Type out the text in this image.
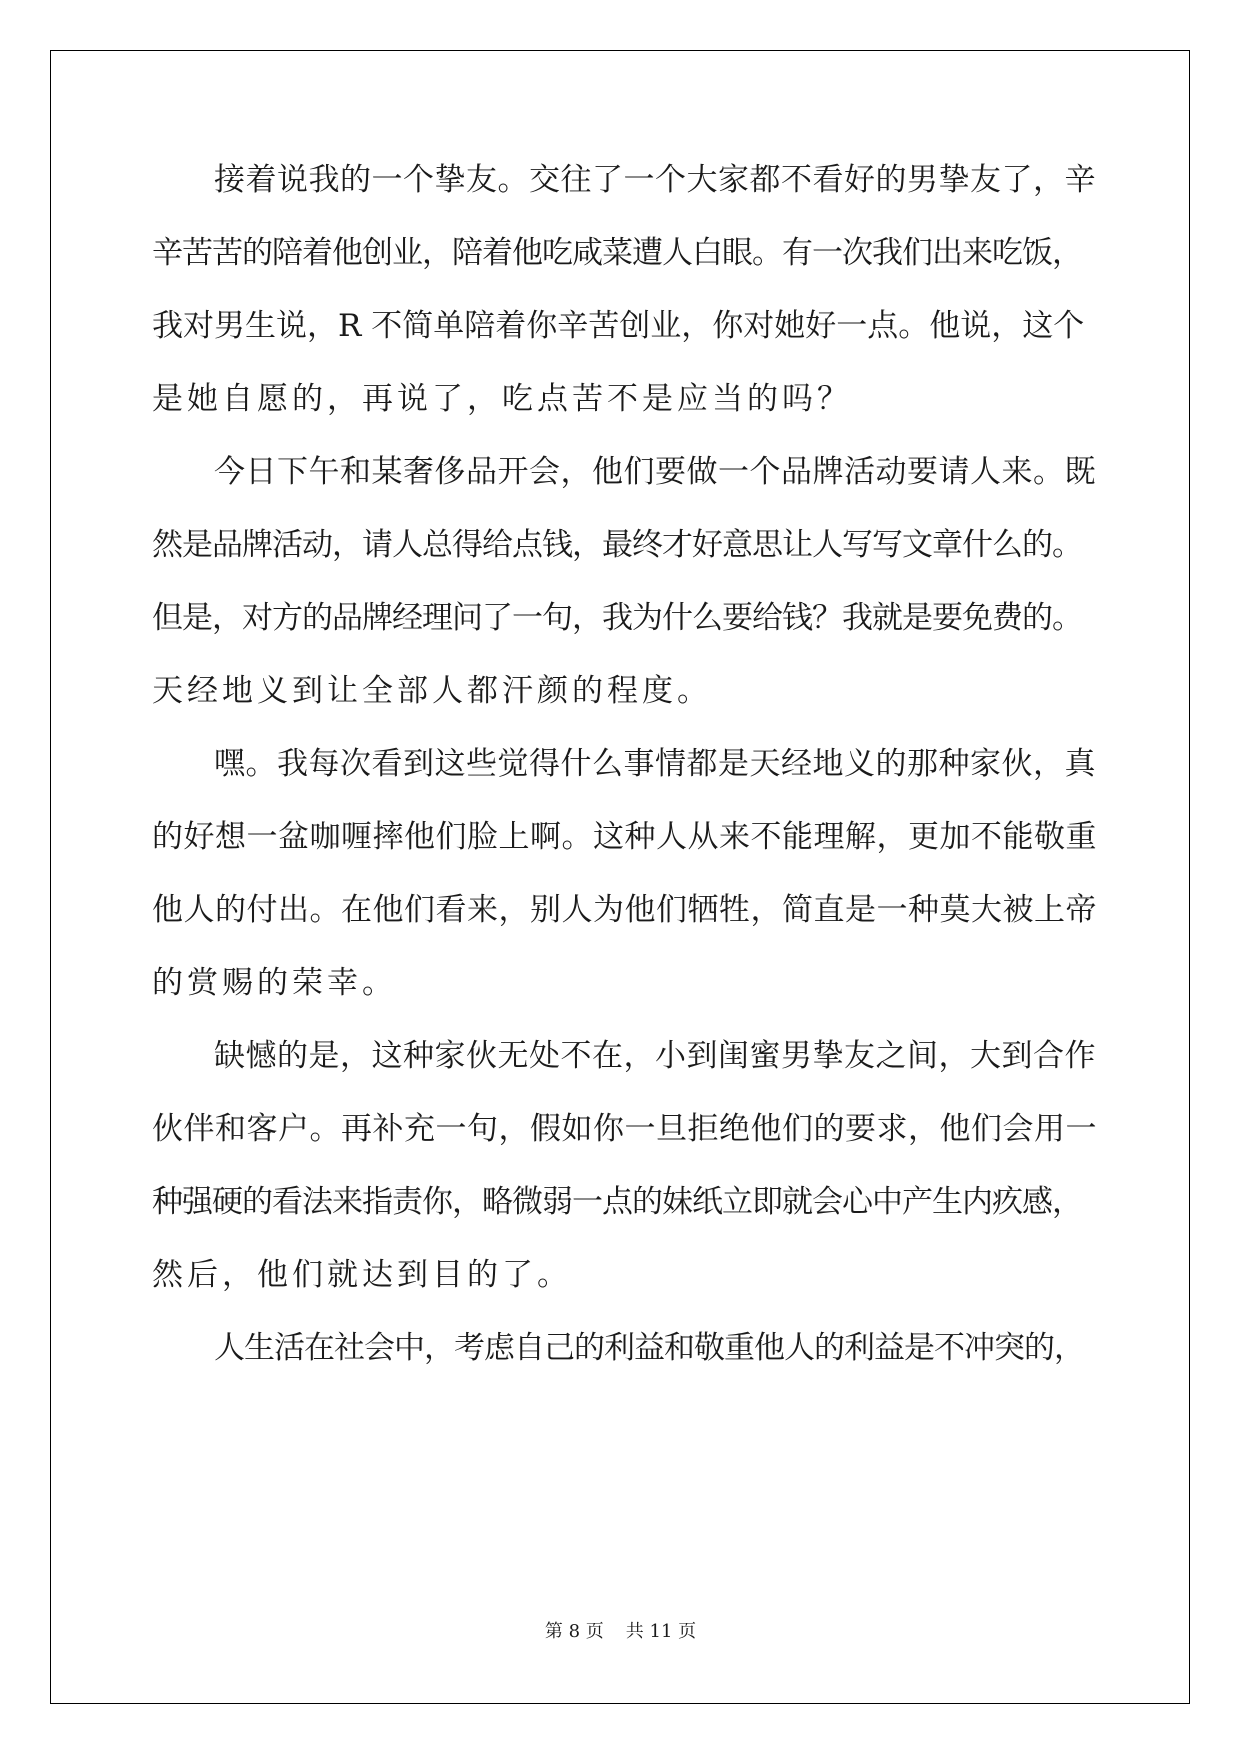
接着说我的一个挚友。交往了一个大家都不看好的男挚友了，辛
辛苦苦的陪着他创业，陪着他吃咸菜遭人白眼。有一次我们出来吃饭，
我对男生说，R 不简单陪着你辛苦创业，你对她好一点。他说，这个
是她自愿的，再说了，吃点苦不是应当的吗？
今日下午和某奢侈品开会，他们要做一个品牌活动要请人来。既
然是品牌活动，请人总得给点钱，最终才好意思让人写写文章什么的。
但是，对方的品牌经理问了一句，我为什么要给钱？我就是要免费的。
天经地义到让全部人都汗颜的程度。
嘿。我每次看到这些觉得什么事情都是天经地义的那种家伙，真
的好想一盆咖喱摔他们脸上啊。这种人从来不能理解，更加不能敬重
他人的付出。在他们看来，别人为他们牺牲，简直是一种莫大被上帝
的赏赐的荣幸。
缺憾的是，这种家伙无处不在，小到闺蜜男挚友之间，大到合作
伙伴和客户。再补充一句，假如你一旦拒绝他们的要求，他们会用一
种强硬的看法来指责你，略微弱一点的妹纸立即就会心中产生内疚感，
然后，他们就达到目的了。
人生活在社会中，考虑自己的利益和敬重他人的利益是不冲突的，
第 8 页 共 11 页
